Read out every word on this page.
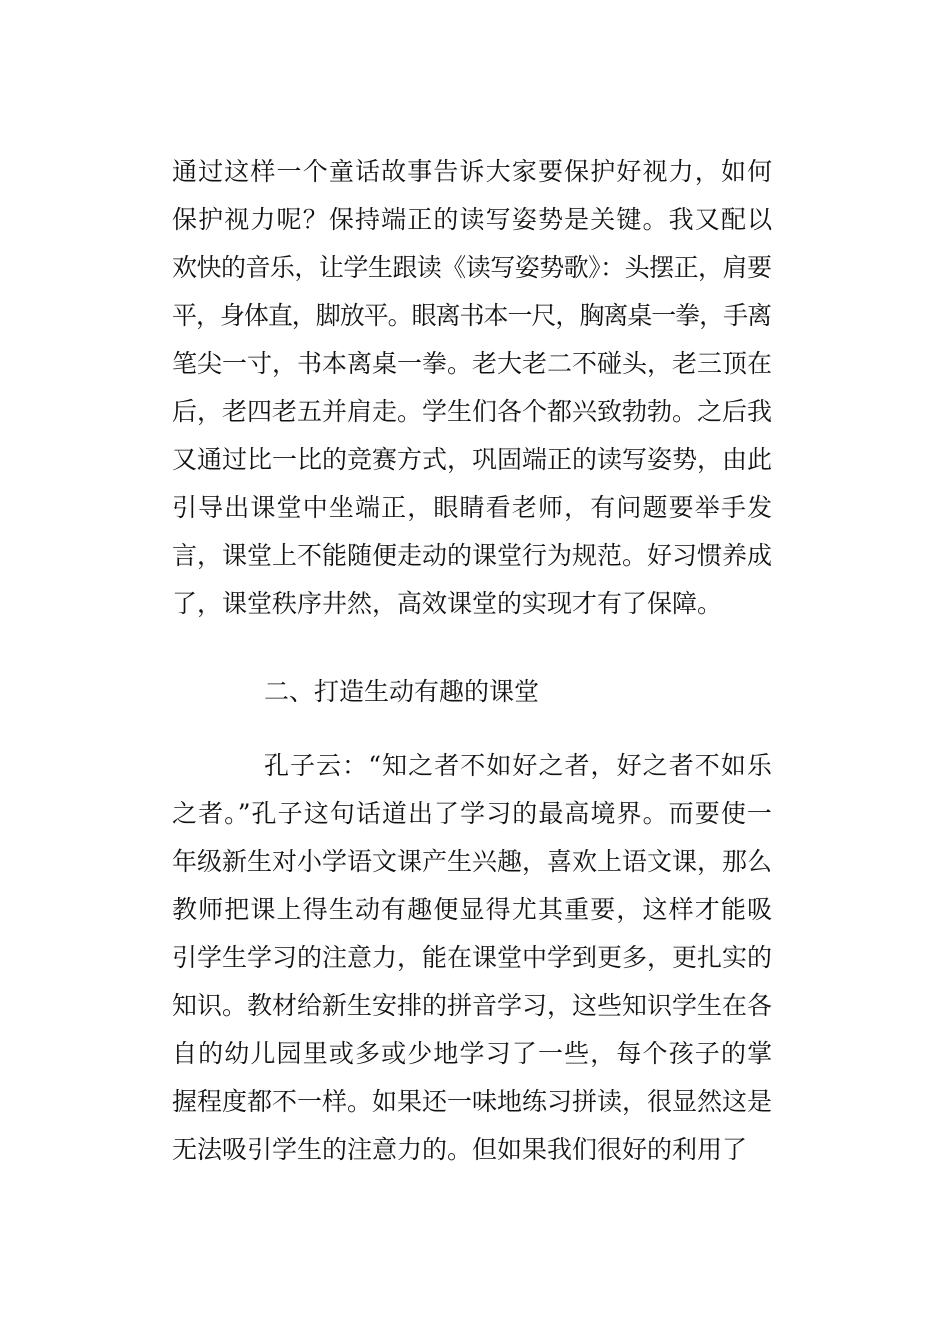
通过这样一个童话故事告诉大家要保护好视力，如何
保护视力呢？保持端正的读写姿势是关键。我又配以
欢快的音乐，让学生跟读《读写姿势歌》：头摆正，肩要
平，身体直，脚放平。眼离书本一尺，胸离桌一拳，手离
笔尖一寸，书本离桌一拳。老大老二不碰头，老三顶在
后，老四老五并肩走。学生们各个都兴致勃勃。之后我
又通过比一比的竞赛方式，巩固端正的读写姿势，由此
引导出课堂中坐端正，眼睛看老师，有问题要举手发
言，课堂上不能随便走动的课堂行为规范。好习惯养成
了，课堂秩序井然，高效课堂的实现才有了保障。
二、打造生动有趣的课堂
孔子云：“知之者不如好之者，好之者不如乐
之者。”孔子这句话道出了学习的最高境界。而要使一
年级新生对小学语文课产生兴趣，喜欢上语文课，那么
教师把课上得生动有趣便显得尤其重要，这样才能吸
引学生学习的注意力，能在课堂中学到更多，更扎实的
知识。教材给新生安排的拼音学习，这些知识学生在各
自的幼儿园里或多或少地学习了一些，每个孩子的掌
握程度都不一样。如果还一味地练习拼读，很显然这是
无法吸引学生的注意力的。但如果我们很好的利用了
